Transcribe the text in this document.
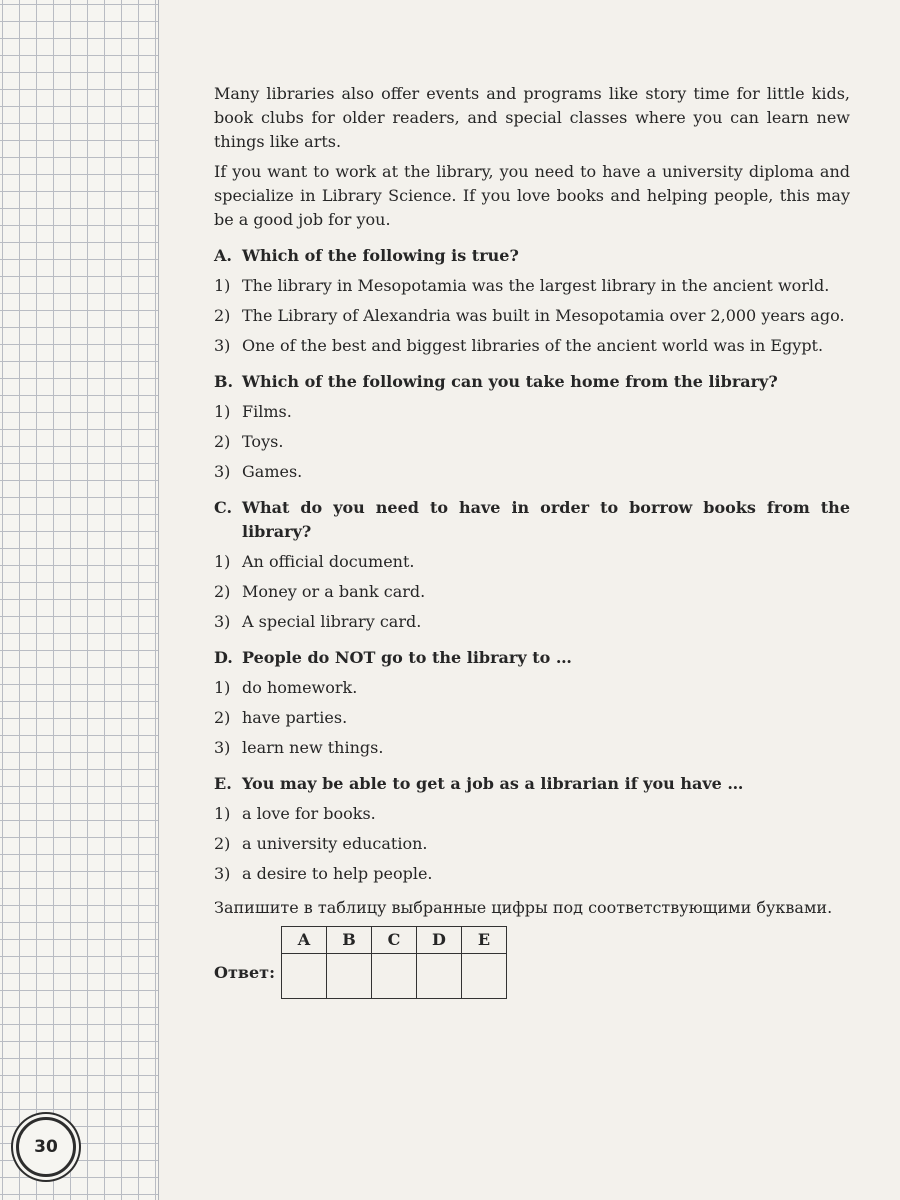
30

Many libraries also offer events and programs like story time for little kids, book clubs for older readers, and special classes where you can learn new things like arts.

If you want to work at the library, you need to have a university diploma and specialize in Library Science. If you love books and helping people, this may be a good job for you.

A. Which of the following is true?
1) The library in Mesopotamia was the largest library in the ancient world.
2) The Library of Alexandria was built in Mesopotamia over 2,000 years ago.
3) One of the best and biggest libraries of the ancient world was in Egypt.
B. Which of the following can you take home from the library?
1) Films.
2) Toys.
3) Games.
C. What do you need to have in order to borrow books from the library?
1) An official document.
2) Money or a bank card.
3) A special library card.
D. People do NOT go to the library to …
1) do homework.
2) have parties.
3) learn new things.
E. You may be able to get a job as a librarian if you have …
1) a love for books.
2) a university education.
3) a desire to help people.

Запишите в таблицу выбранные цифры под соответствующими буквами.

Ответ:
A	B	C	D	E
